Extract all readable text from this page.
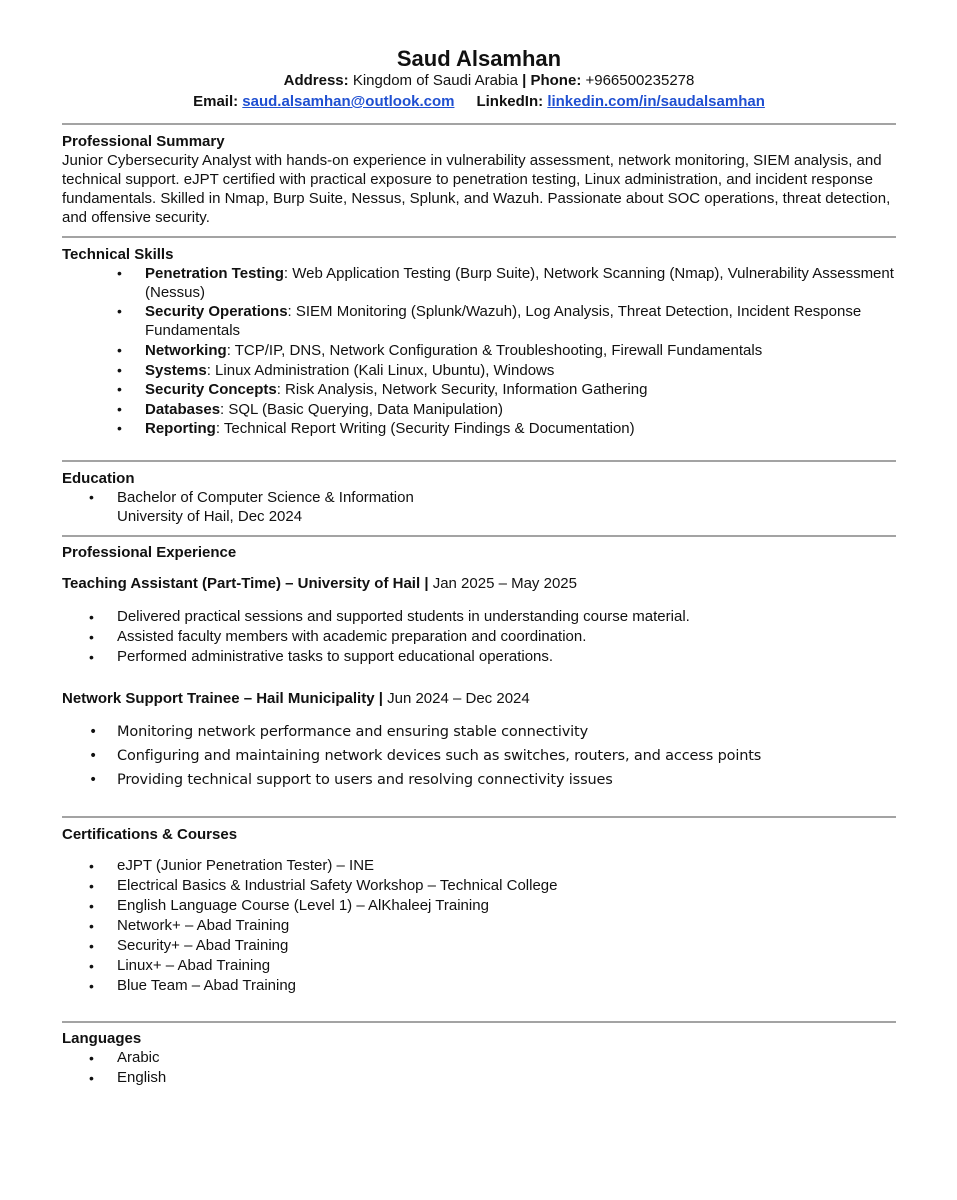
Saud Alsamhan
Address: Kingdom of Saudi Arabia | Phone: +966500235278
Email: saud.alsamhan@outlook.com LinkedIn: linkedin.com/in/saudalsamhan
Professional Summary
Junior Cybersecurity Analyst with hands-on experience in vulnerability assessment, network monitoring, SIEM analysis, and technical support. eJPT certified with practical exposure to penetration testing, Linux administration, and incident response fundamentals. Skilled in Nmap, Burp Suite, Nessus, Splunk, and Wazuh. Passionate about SOC operations, threat detection, and offensive security.
Technical Skills
• Penetration Testing: Web Application Testing (Burp Suite), Network Scanning (Nmap), Vulnerability Assessment (Nessus)
• Security Operations: SIEM Monitoring (Splunk/Wazuh), Log Analysis, Threat Detection, Incident Response Fundamentals
• Networking: TCP/IP, DNS, Network Configuration & Troubleshooting, Firewall Fundamentals
• Systems: Linux Administration (Kali Linux, Ubuntu), Windows
• Security Concepts: Risk Analysis, Network Security, Information Gathering
• Databases: SQL (Basic Querying, Data Manipulation)
• Reporting: Technical Report Writing (Security Findings & Documentation)
Education
• Bachelor of Computer Science & Information
University of Hail, Dec 2024
Professional Experience
Teaching Assistant (Part-Time) – University of Hail | Jan 2025 – May 2025
• Delivered practical sessions and supported students in understanding course material.
• Assisted faculty members with academic preparation and coordination.
• Performed administrative tasks to support educational operations.
Network Support Trainee – Hail Municipality | Jun 2024 – Dec 2024
• Monitoring network performance and ensuring stable connectivity
• Configuring and maintaining network devices such as switches, routers, and access points
• Providing technical support to users and resolving connectivity issues
Certifications & Courses
• eJPT (Junior Penetration Tester) – INE
• Electrical Basics & Industrial Safety Workshop – Technical College
• English Language Course (Level 1) – AlKhaleej Training
• Network+ – Abad Training
• Security+ – Abad Training
• Linux+ – Abad Training
• Blue Team – Abad Training
Languages
• Arabic
• English
